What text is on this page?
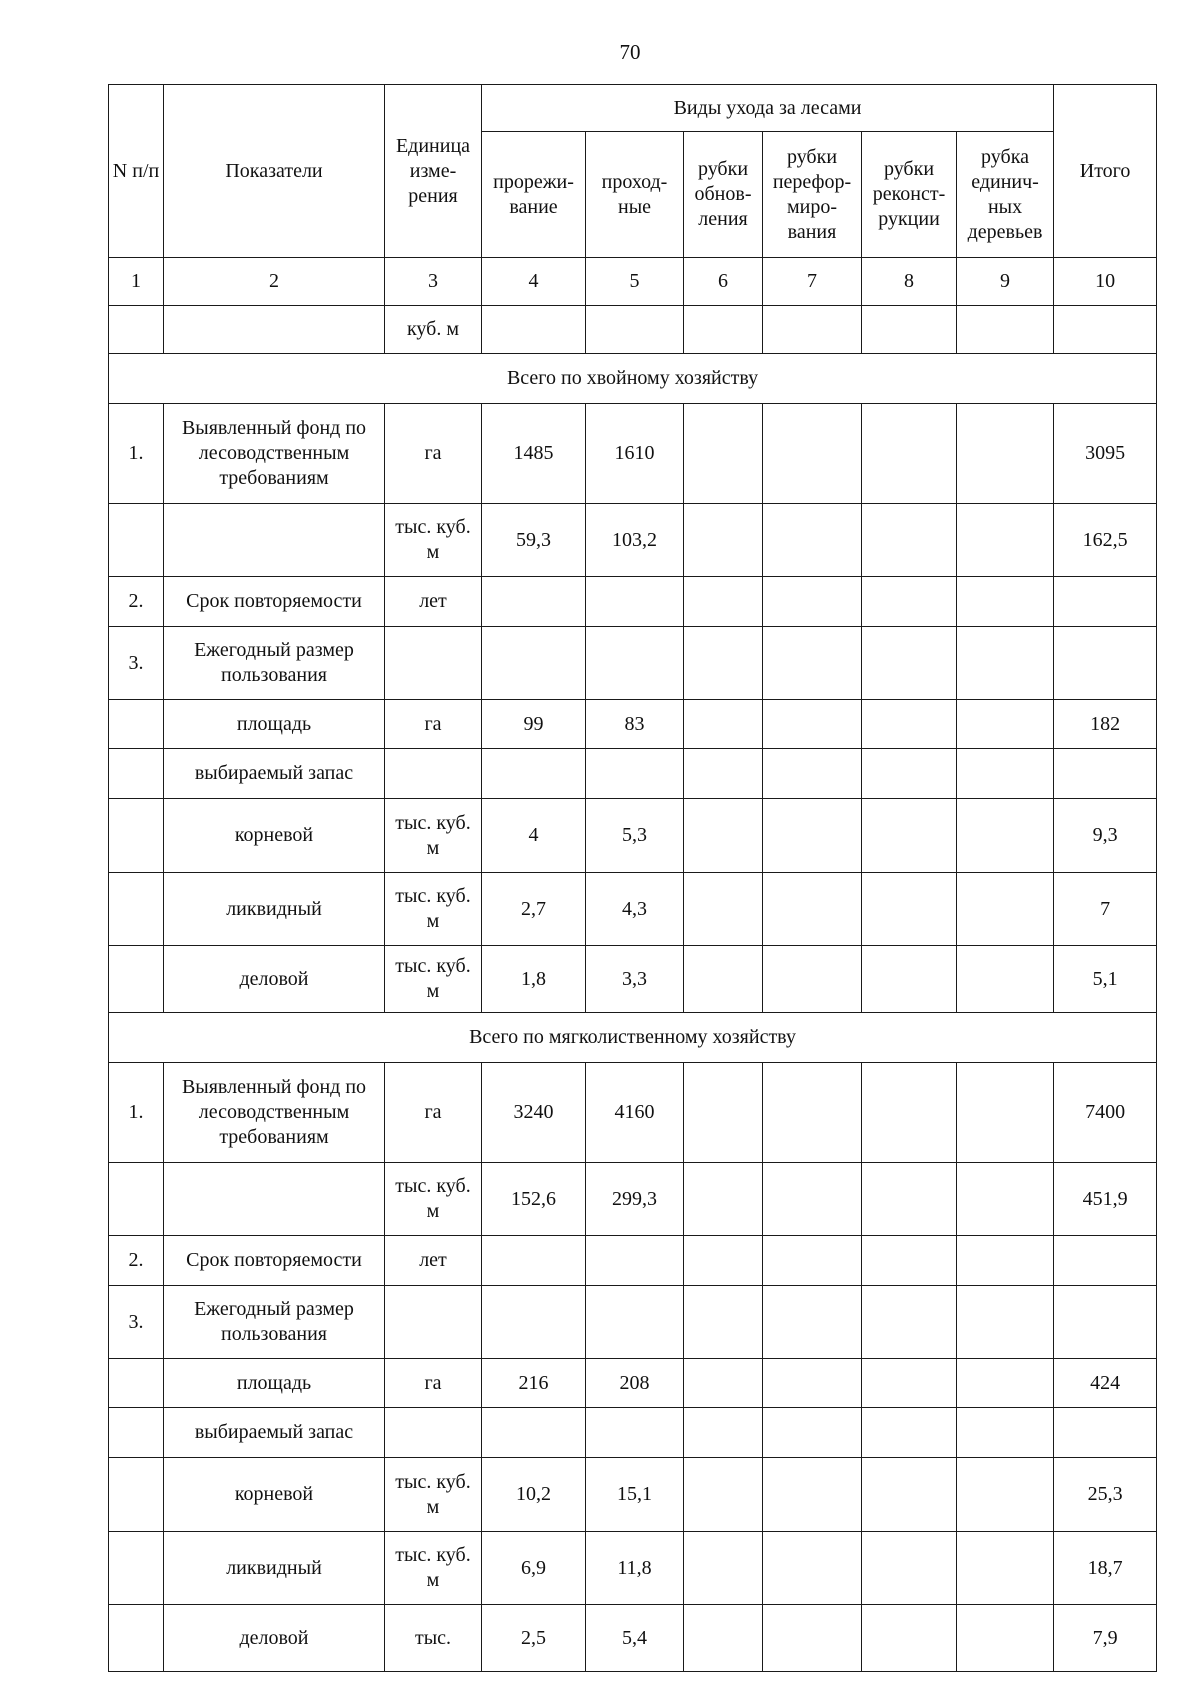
70
N п/п	Показатели	Единица изме-рения	Виды ухода за лесами						Итого
			прорежи-вание	проход-ные	рубки обнов-ления	рубки перефор-миро-вания	рубки реконст-рукции	рубка единич-ных деревьев	
1	2	3	4	5	6	7	8	9	10
		куб. м							
Всего по хвойному хозяйству									
1.	Выявленный фонд по лесоводственным требованиям	га	1485	1610					3095
		тыс. куб. м	59,3	103,2					162,5
2.	Срок повторяемости	лет							
3.	Ежегодный размер пользования								
	площадь	га	99	83					182
	выбираемый запас								
	корневой	тыс. куб. м	4	5,3					9,3
	ликвидный	тыс. куб. м	2,7	4,3					7
	деловой	тыс. куб. м	1,8	3,3					5,1
Всего по мягколиственному хозяйству									
1.	Выявленный фонд по лесоводственным требованиям	га	3240	4160					7400
		тыс. куб. м	152,6	299,3					451,9
2.	Срок повторяемости	лет							
3.	Ежегодный размер пользования								
	площадь	га	216	208					424
	выбираемый запас								
	корневой	тыс. куб. м	10,2	15,1					25,3
	ликвидный	тыс. куб. м	6,9	11,8					18,7
	деловой	тыс.	2,5	5,4					7,9
